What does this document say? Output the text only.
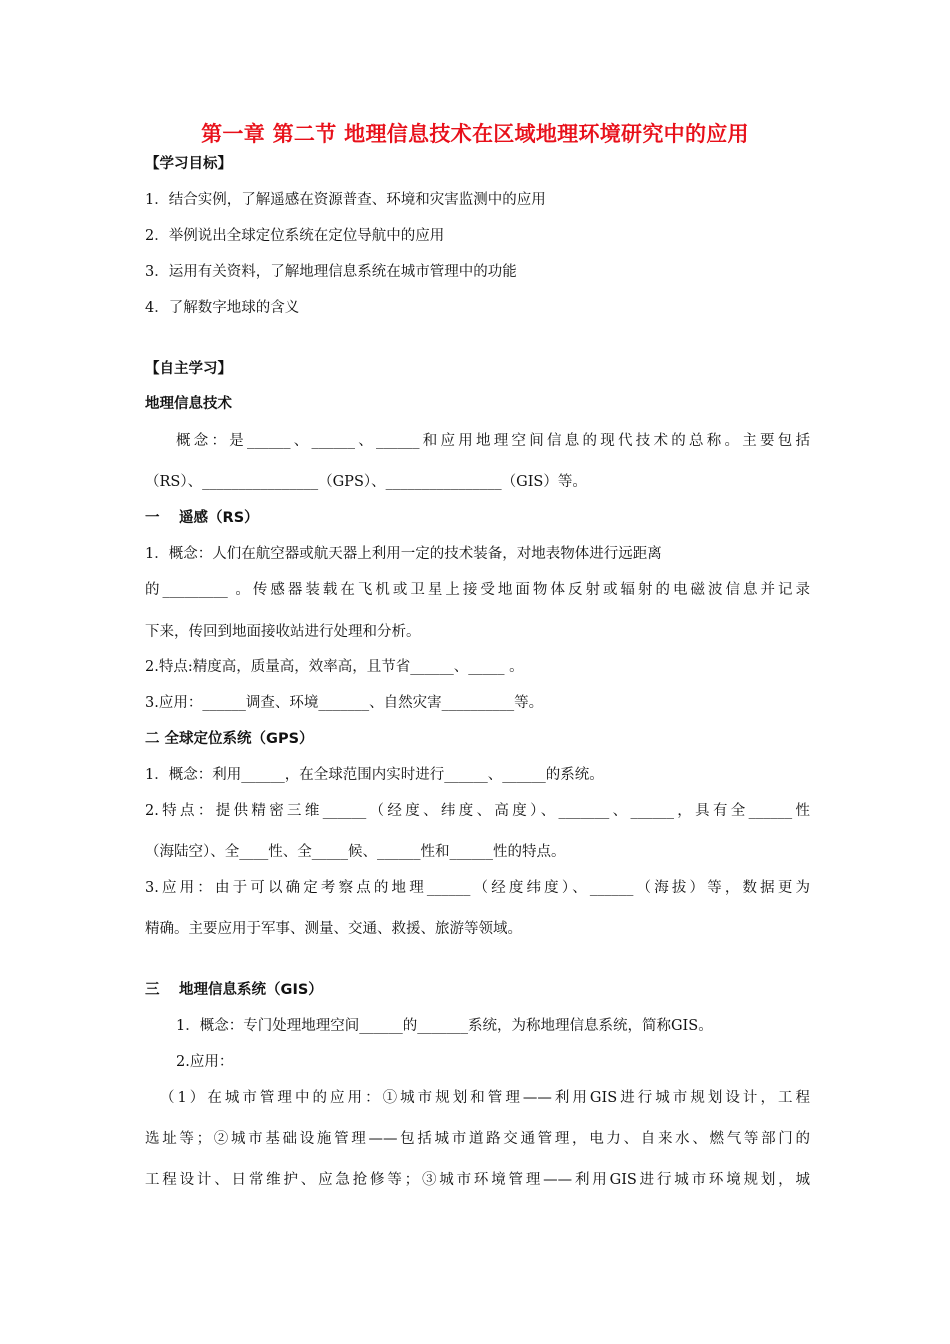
第一章 第二节 地理信息技术在区域地理环境研究中的应用
【学习目标】
1．结合实例，了解遥感在资源普查、环境和灾害监测中的应用
2．举例说出全球定位系统在定位导航中的应用
3．运用有关资料，了解地理信息系统在城市管理中的功能
4．了解数字地球的含义
【自主学习】
地理信息技术
概念：是______、______、______和应用地理空间信息的现代技术的总称。主要包括
（RS）、________________（GPS）、________________（GIS）等。
一　 遥感（RS）
1．概念：人们在航空器或航天器上利用一定的技术装备，对地表物体进行远距离
的_________ 。传感器装载在飞机或卫星上接受地面物体反射或辐射的电磁波信息并记录
下来，传回到地面接收站进行处理和分析。
2.特点:精度高，质量高，效率高，且节省______、_____ 。
3.应用：______调查、环境_______、自然灾害__________等。
二 全球定位系统（GPS）
1．概念：利用______，在全球范围内实时进行______、______的系统。
2.特点：提供精密三维______（经度、纬度、高度）、_______、______，具有全______性
（海陆空）、全____性、全_____候、______性和______性的特点。
3.应用：由于可以确定考察点的地理______（经度纬度）、______（海拔）等，数据更为
精确。主要应用于军事、测量、交通、救援、旅游等领域。
三　 地理信息系统（GIS）
1．概念：专门处理地理空间______的_______系统，为称地理信息系统，简称GIS。
2.应用：
（1）在城市管理中的应用：①城市规划和管理——利用GIS进行城市规划设计，工程
选址等；②城市基础设施管理——包括城市道路交通管理，电力、自来水、燃气等部门的
工程设计、日常维护、应急抢修等；③城市环境管理——利用GIS进行城市环境规划，城
